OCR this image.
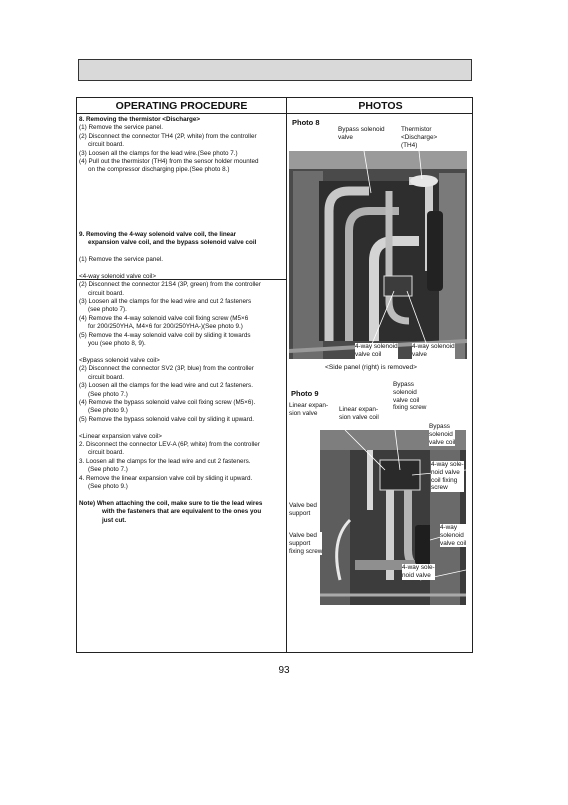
OPERATING PROCEDURE	PHOTOS
8. Removing the thermistor <Discharge>
(1) Remove the service panel.
(2) Disconnect the connector TH4 (2P, white) from the controller
circuit board.
(3) Loosen all the clamps for the lead wire.(See photo 7.)
(4) Pull out the thermistor (TH4) from the sensor holder mounted
on the compressor discharging pipe.(See photo 8.)
9. Removing the 4-way solenoid valve coil, the linear
expansion valve coil, and the bypass solenoid valve coil
(1) Remove the service panel.
<4-way solenoid valve coil>
(2) Disconnect the connector 21S4 (3P, green) from the controller
circuit board.
(3) Loosen all the clamps for the lead wire and cut 2 fasteners
(see photo 7).
(4) Remove the 4-way solenoid valve coil fixing screw (M5×6
for 200/250YHA, M4×6 for 200/250YHA-)(See photo 9.)
(5) Remove the 4-way solenoid valve coil by sliding it towards
you (see photo 8, 9).
<Bypass solenoid valve coil>
(2) Disconnect the connector SV2 (3P, blue) from the controller
circuit board.
(3) Loosen all the clamps for the lead wire and cut 2 fasteners.
(See photo 7.)
(4) Remove the bypass solenoid valve coil fixing screw (M5×6).
(See photo 9.)
(5) Remove the bypass solenoid valve coil by sliding it upward.
<Linear expansion valve coil>
2. Disconnect the connector LEV-A (6P, white) from the controller
circuit board.
3. Loosen all the clamps for the lead wire and cut 2 fasteners.
(See photo 7.)
4. Remove the linear expansion valve coil by sliding it upward.
(See photo 9.)
Note) When attaching the coil, make sure to tie the lead wires
with the fasteners that are equivalent to the ones you
just cut.
Photo 8
Bypass solenoid
valve
Thermistor
<Discharge>
(TH4)
4-way solenoid
valve coil
4-way solenoid
valve
<Side panel (right) is removed>
Photo 9
Linear expan-
sion valve
Linear expan-
sion valve coil
Bypass
solenoid
valve coil
fixing screw
Bypass
solenoid
valve coil
4-way sole-
noid valve
coil fixing
screw
4-way
solenoid
valve coil
Valve bed
support
Valve bed
support
fixing screw
4-way sole-
noid valve
93
